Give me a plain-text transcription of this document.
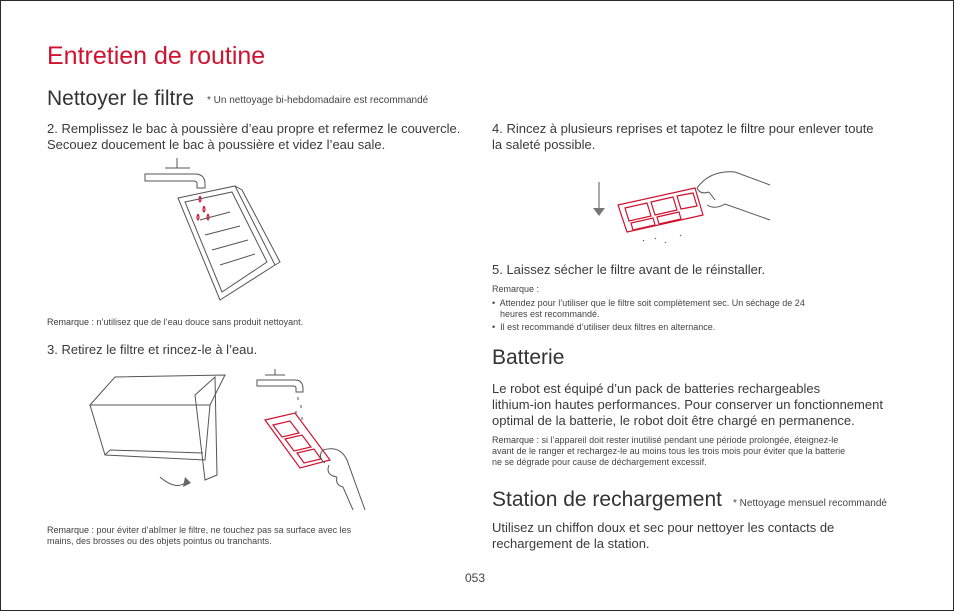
Entretien de routine
Nettoyer le filtre * Un nettoyage bi-hebdomadaire est recommandé
2. Remplissez le bac à poussière d’eau propre et refermez le couvercle.
Secouez doucement le bac à poussière et videz l’eau sale.
Remarque : n’utilisez que de l’eau douce sans produit nettoyant.
3. Retirez le filtre et rincez-le à l’eau.
Remarque : pour éviter d’abîmer le filtre, ne touchez pas sa surface avec les
mains, des brosses ou des objets pointus ou tranchants.
4. Rincez à plusieurs reprises et tapotez le filtre pour enlever toute
la saleté possible.
5. Laissez sécher le filtre avant de le réinstaller.
Remarque :
•  Attendez pour l’utiliser que le filtre soit complètement sec. Un séchage de 24
heures est recommandé.
•  Il est recommandé d’utiliser deux filtres en alternance.
Batterie
Le robot est équipé d’un pack de batteries rechargeables
lithium-ion hautes performances. Pour conserver un fonctionnement
optimal de la batterie, le robot doit être chargé en permanence.
Remarque : si l’appareil doit rester inutilisé pendant une période prolongée, éteignez-le
avant de le ranger et rechargez-le au moins tous les trois mois pour éviter que la batterie
ne se dégrade pour cause de déchargement excessif.
Station de rechargement * Nettoyage mensuel recommandé
Utilisez un chiffon doux et sec pour nettoyer les contacts de
rechargement de la station.
053
